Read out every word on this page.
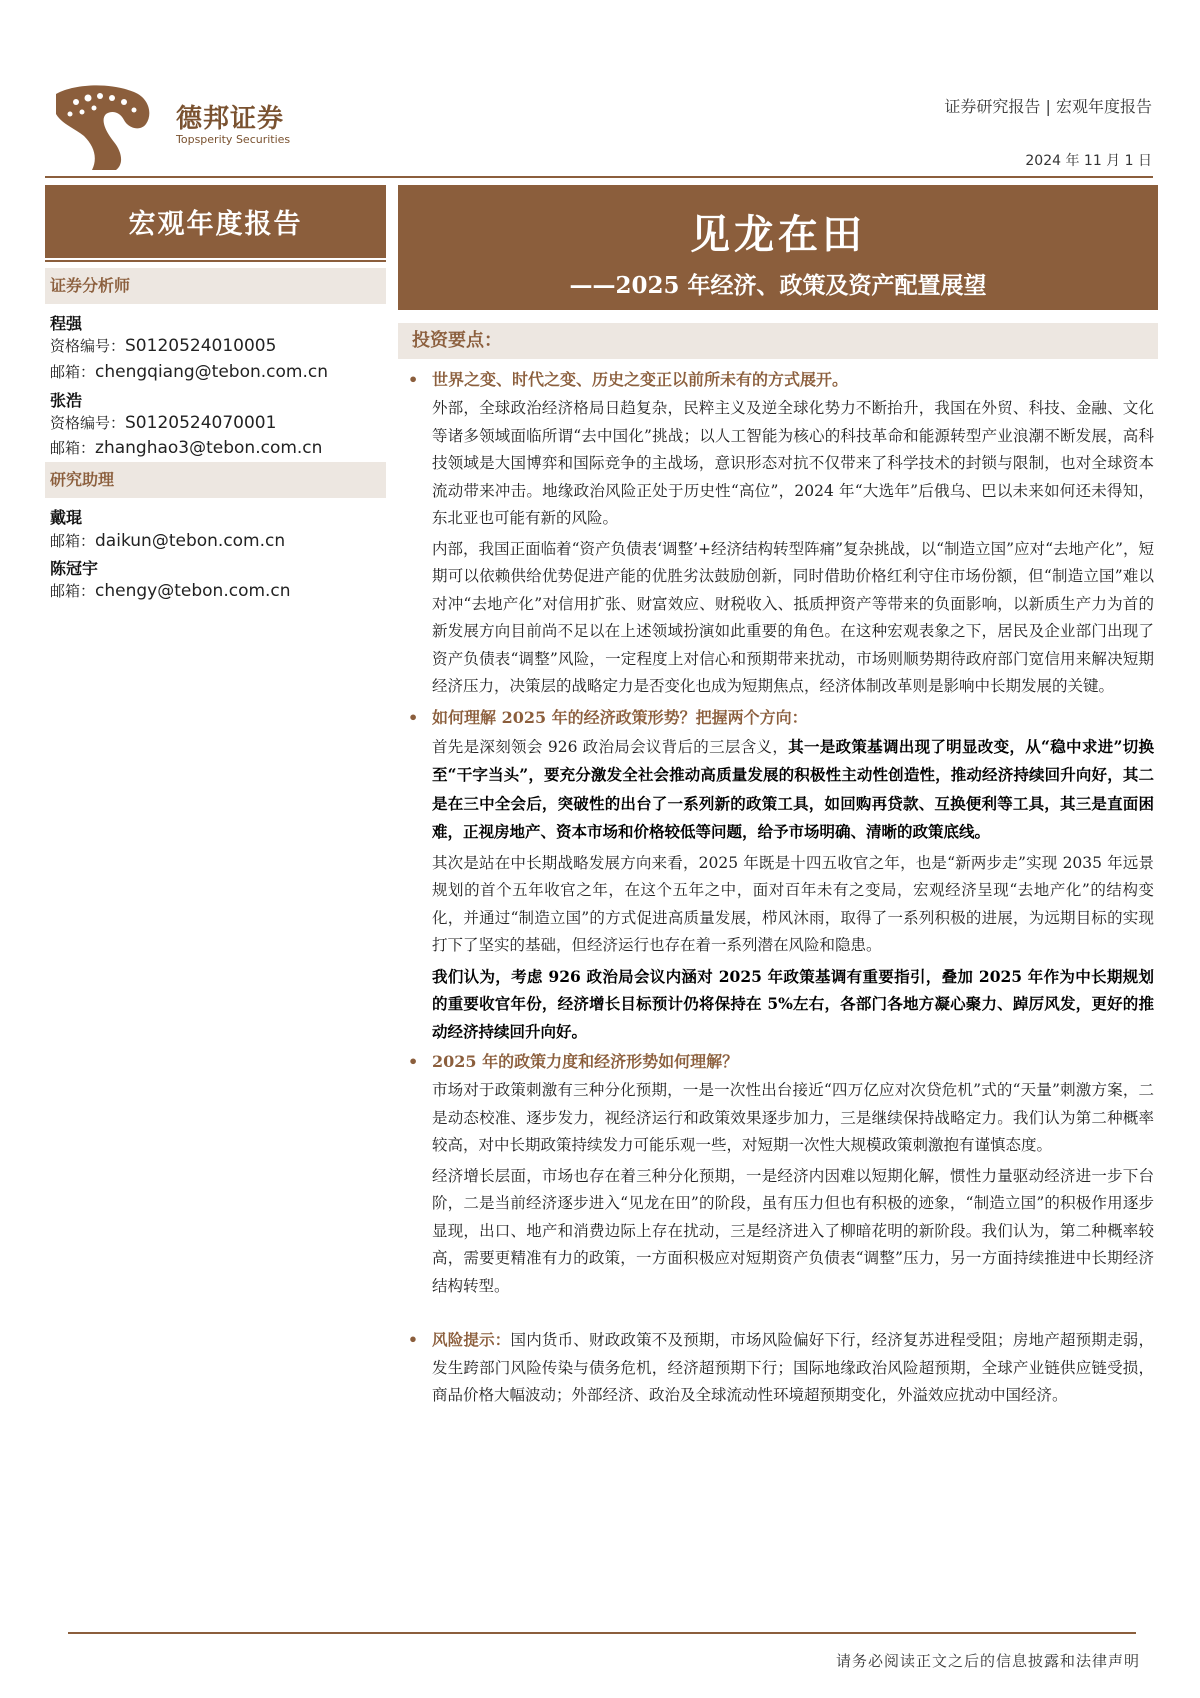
德邦证券
Topsperity Securities
证券研究报告 | 宏观年度报告
2024 年 11 月 1 日
宏观年度报告
证券分析师
程强
资格编号：S0120524010005
邮箱：chengqiang@tebon.com.cn
张浩
资格编号：S0120524070001
邮箱：zhanghao3@tebon.com.cn
研究助理
戴琨
邮箱：daikun@tebon.com.cn
陈冠宇
邮箱：chengy@tebon.com.cn
见龙在田
——2025 年经济、政策及资产配置展望
投资要点：
• 世界之变、时代之变、历史之变正以前所未有的方式展开。
外部，全球政治经济格局日趋复杂，民粹主义及逆全球化势力不断抬升，我国在外贸、科技、金融、文化等诸多领域面临所谓“去中国化”挑战；以人工智能为核心的科技革命和能源转型产业浪潮不断发展，高科技领域是大国博弈和国际竞争的主战场，意识形态对抗不仅带来了科学技术的封锁与限制，也对全球资本流动带来冲击。地缘政治风险正处于历史性“高位”，2024 年“大选年”后俄乌、巴以未来如何还未得知，东北亚也可能有新的风险。
内部，我国正面临着“资产负债表‘调整’+经济结构转型阵痛”复杂挑战，以“制造立国”应对“去地产化”，短期可以依赖供给优势促进产能的优胜劣汰鼓励创新，同时借助价格红利守住市场份额，但“制造立国”难以对冲“去地产化”对信用扩张、财富效应、财税收入、抵质押资产等带来的负面影响，以新质生产力为首的新发展方向目前尚不足以在上述领域扮演如此重要的角色。在这种宏观表象之下，居民及企业部门出现了资产负债表“调整”风险，一定程度上对信心和预期带来扰动，市场则顺势期待政府部门宽信用来解决短期经济压力，决策层的战略定力是否变化也成为短期焦点，经济体制改革则是影响中长期发展的关键。
• 如何理解 2025 年的经济政策形势？把握两个方向：
首先是深刻领会 926 政治局会议背后的三层含义，其一是政策基调出现了明显改变，从“稳中求进”切换至“干字当头”，要充分激发全社会推动高质量发展的积极性主动性创造性，推动经济持续回升向好，其二是在三中全会后，突破性的出台了一系列新的政策工具，如回购再贷款、互换便利等工具，其三是直面困难，正视房地产、资本市场和价格较低等问题，给予市场明确、清晰的政策底线。
其次是站在中长期战略发展方向来看，2025 年既是十四五收官之年，也是“新两步走”实现 2035 年远景规划的首个五年收官之年，在这个五年之中，面对百年未有之变局，宏观经济呈现“去地产化”的结构变化，并通过“制造立国”的方式促进高质量发展，栉风沐雨，取得了一系列积极的进展，为远期目标的实现打下了坚实的基础，但经济运行也存在着一系列潜在风险和隐患。
我们认为，考虑 926 政治局会议内涵对 2025 年政策基调有重要指引，叠加 2025 年作为中长期规划的重要收官年份，经济增长目标预计仍将保持在 5%左右，各部门各地方凝心聚力、踔厉风发，更好的推动经济持续回升向好。
• 2025 年的政策力度和经济形势如何理解？
市场对于政策刺激有三种分化预期，一是一次性出台接近“四万亿应对次贷危机”式的“天量”刺激方案，二是动态校准、逐步发力，视经济运行和政策效果逐步加力，三是继续保持战略定力。我们认为第二种概率较高，对中长期政策持续发力可能乐观一些，对短期一次性大规模政策刺激抱有谨慎态度。
经济增长层面，市场也存在着三种分化预期，一是经济内因难以短期化解，惯性力量驱动经济进一步下台阶，二是当前经济逐步进入“见龙在田”的阶段，虽有压力但也有积极的迹象，“制造立国”的积极作用逐步显现，出口、地产和消费边际上存在扰动，三是经济进入了柳暗花明的新阶段。我们认为，第二种概率较高，需要更精准有力的政策，一方面积极应对短期资产负债表“调整”压力，另一方面持续推进中长期经济结构转型。
• 风险提示：国内货币、财政政策不及预期，市场风险偏好下行，经济复苏进程受阻；房地产超预期走弱，发生跨部门风险传染与债务危机，经济超预期下行；国际地缘政治风险超预期，全球产业链供应链受损，商品价格大幅波动；外部经济、政治及全球流动性环境超预期变化，外溢效应扰动中国经济。
请务必阅读正文之后的信息披露和法律声明
